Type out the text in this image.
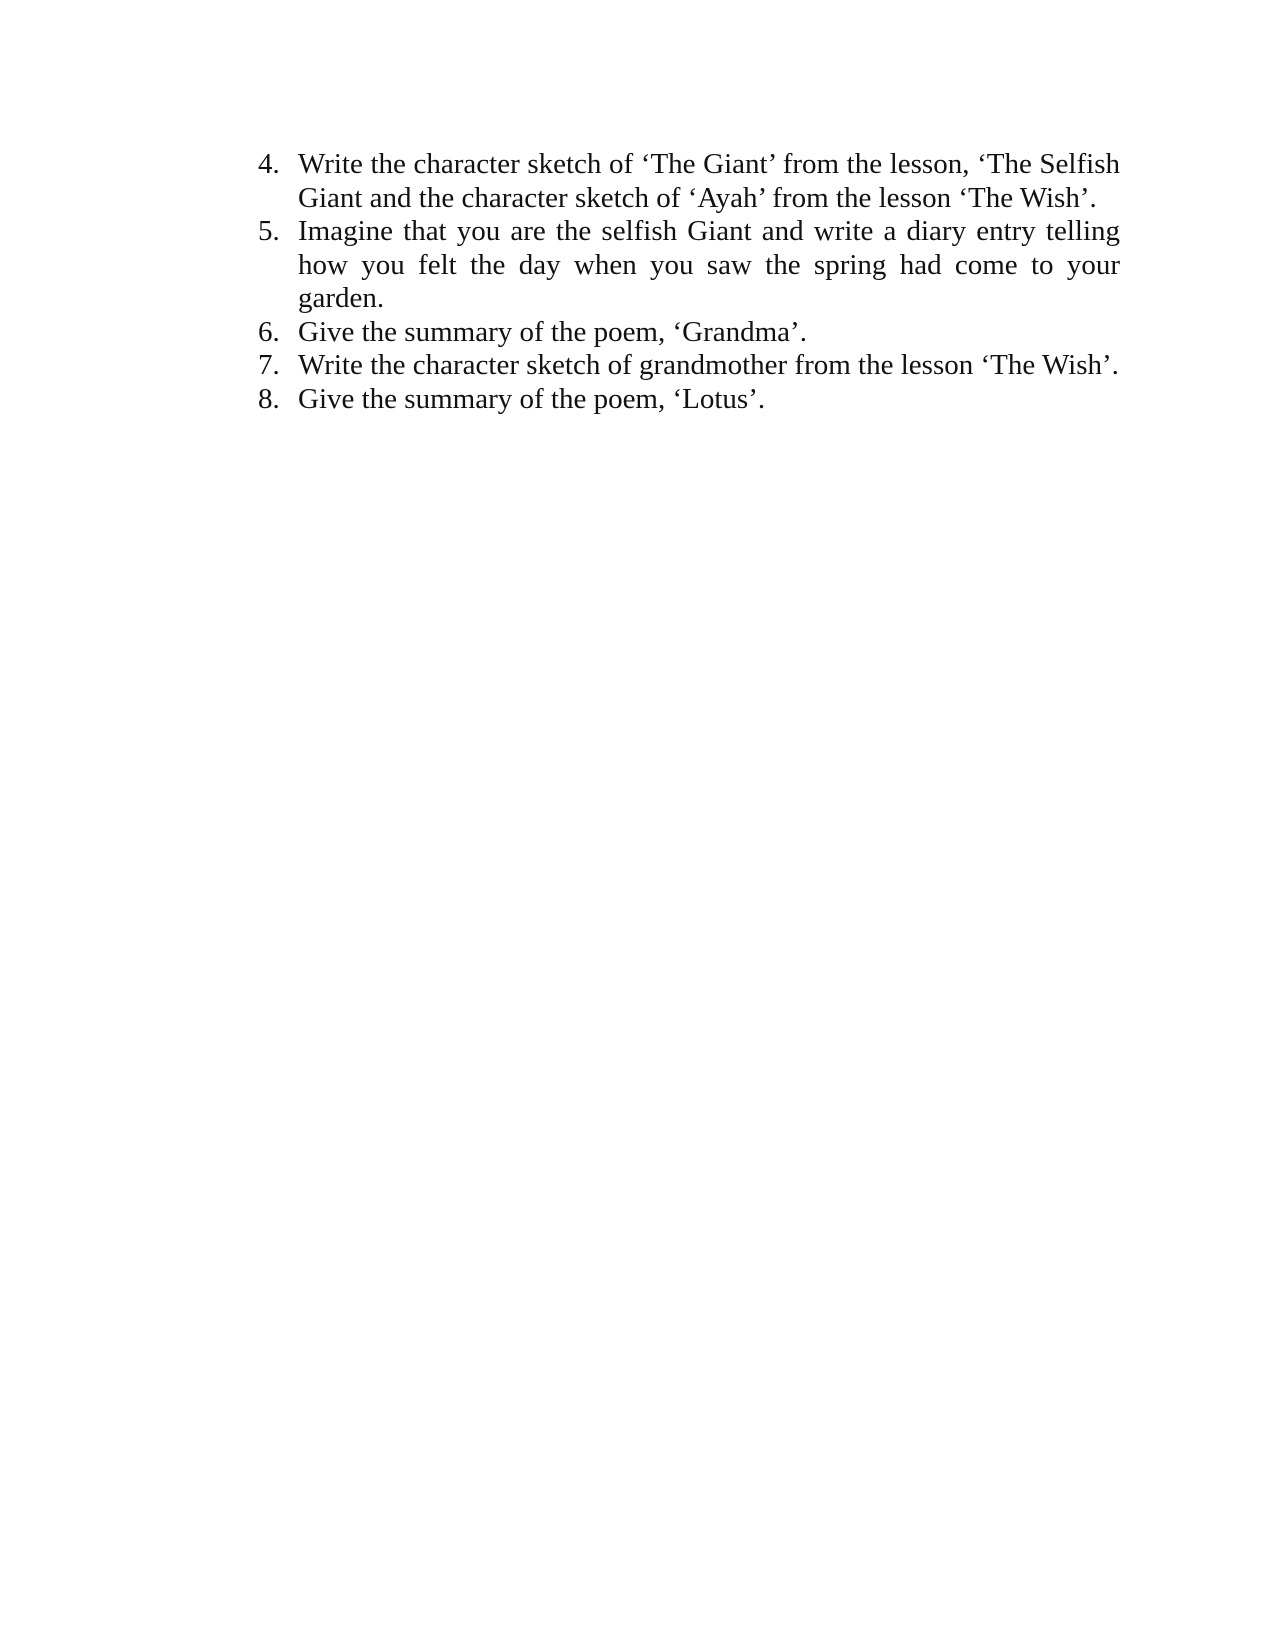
4. Write the character sketch of ‘The Giant’ from the lesson, ‘The Selfish Giant and the character sketch of ‘Ayah’ from the lesson ‘The Wish’.
5. Imagine that you are the selfish Giant and write a diary entry telling how you felt the day when you saw the spring had come to your garden.
6. Give the summary of the poem, ‘Grandma’.
7. Write the character sketch of grandmother from the lesson ‘The Wish’.
8. Give the summary of the poem, ‘Lotus’.
